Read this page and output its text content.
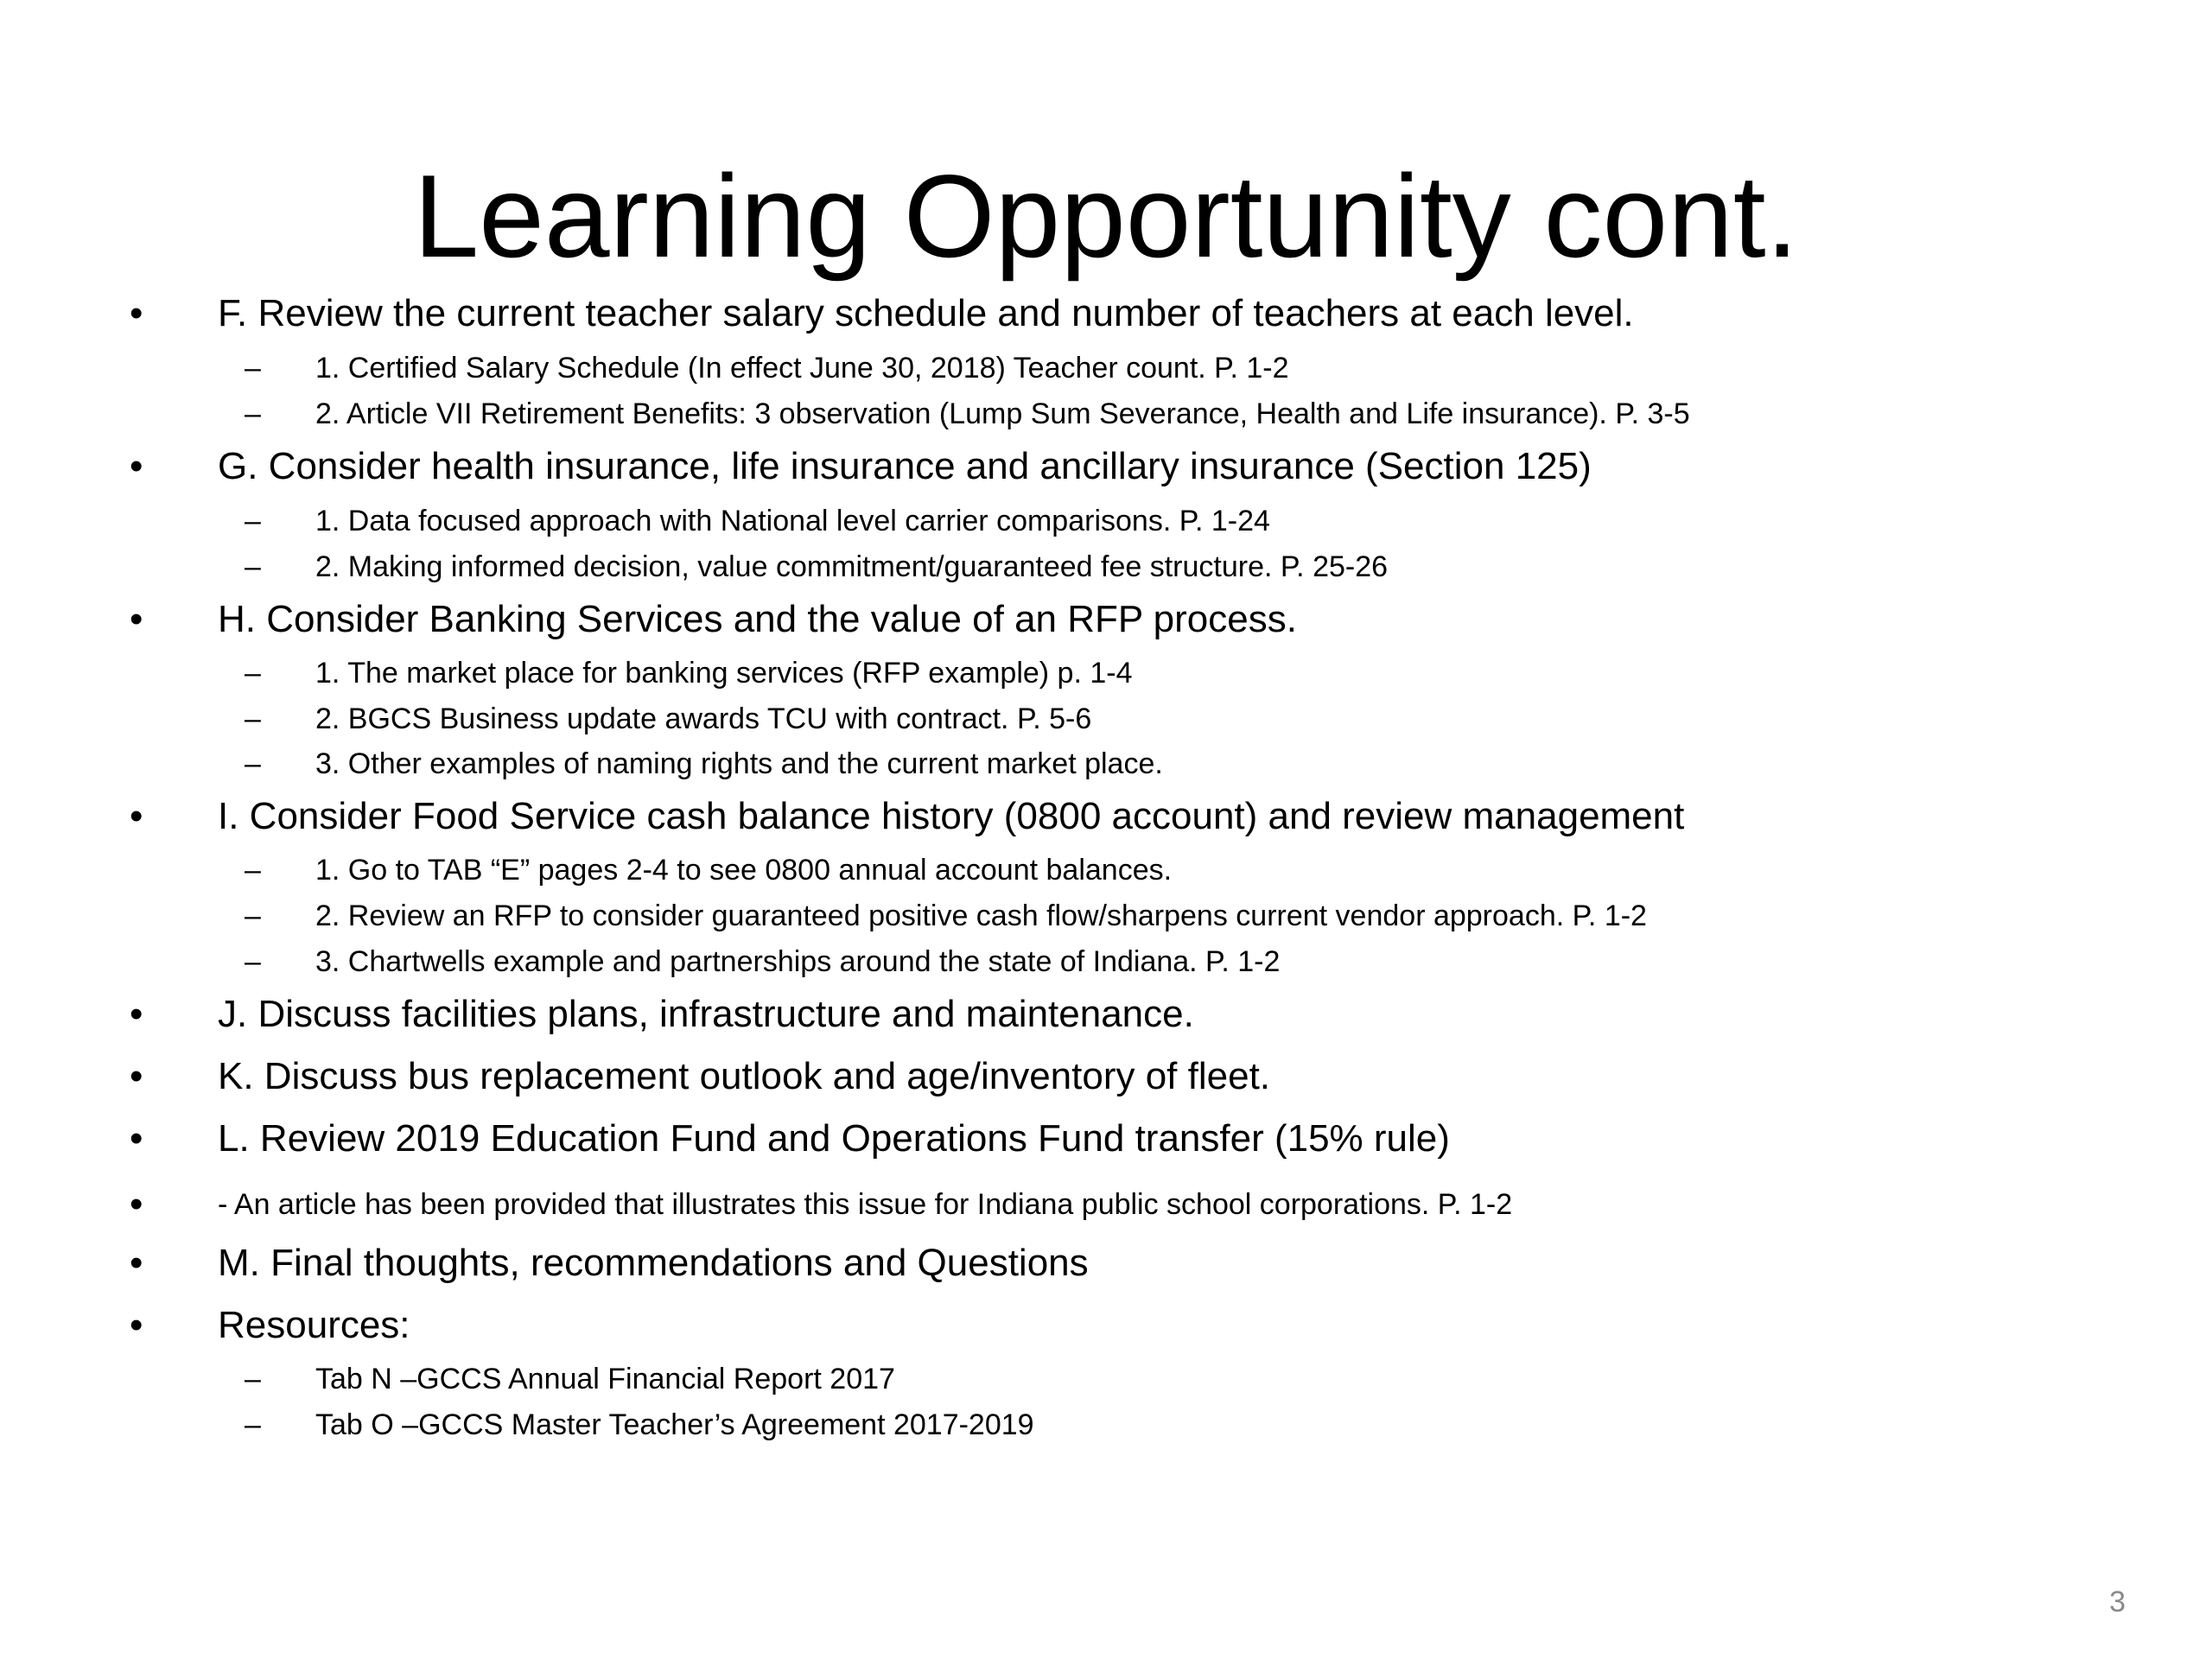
Learning Opportunity cont.
• F. Review the current teacher salary schedule and number of teachers at each level.
– 1. Certified Salary Schedule (In effect June 30, 2018) Teacher count. P. 1-2
– 2. Article VII Retirement Benefits: 3 observation (Lump Sum Severance, Health and Life insurance). P. 3-5
• G. Consider health insurance, life insurance and ancillary insurance (Section 125)
– 1. Data focused approach with National level carrier comparisons. P. 1-24
– 2. Making informed decision, value commitment/guaranteed fee structure. P. 25-26
• H. Consider Banking Services and the value of an RFP process.
– 1. The market place for banking services (RFP example) p. 1-4
– 2. BGCS Business update awards TCU with contract. P. 5-6
– 3. Other examples of naming rights and the current market place.
• I. Consider Food Service cash balance history (0800 account) and review management
– 1. Go to TAB “E” pages 2-4 to see 0800 annual account balances.
– 2. Review an RFP to consider guaranteed positive cash flow/sharpens current vendor approach. P. 1-2
– 3. Chartwells example and partnerships around the state of Indiana. P. 1-2
• J. Discuss facilities plans, infrastructure and maintenance.
• K. Discuss bus replacement outlook and age/inventory of fleet.
• L. Review 2019 Education Fund and Operations Fund transfer (15% rule)
•	- An article has been provided that illustrates this issue for Indiana public school corporations. P. 1-2
• M. Final thoughts, recommendations and Questions
• Resources:
– Tab N –GCCS Annual Financial Report 2017
– Tab O –GCCS Master Teacher’s Agreement 2017-2019
3
